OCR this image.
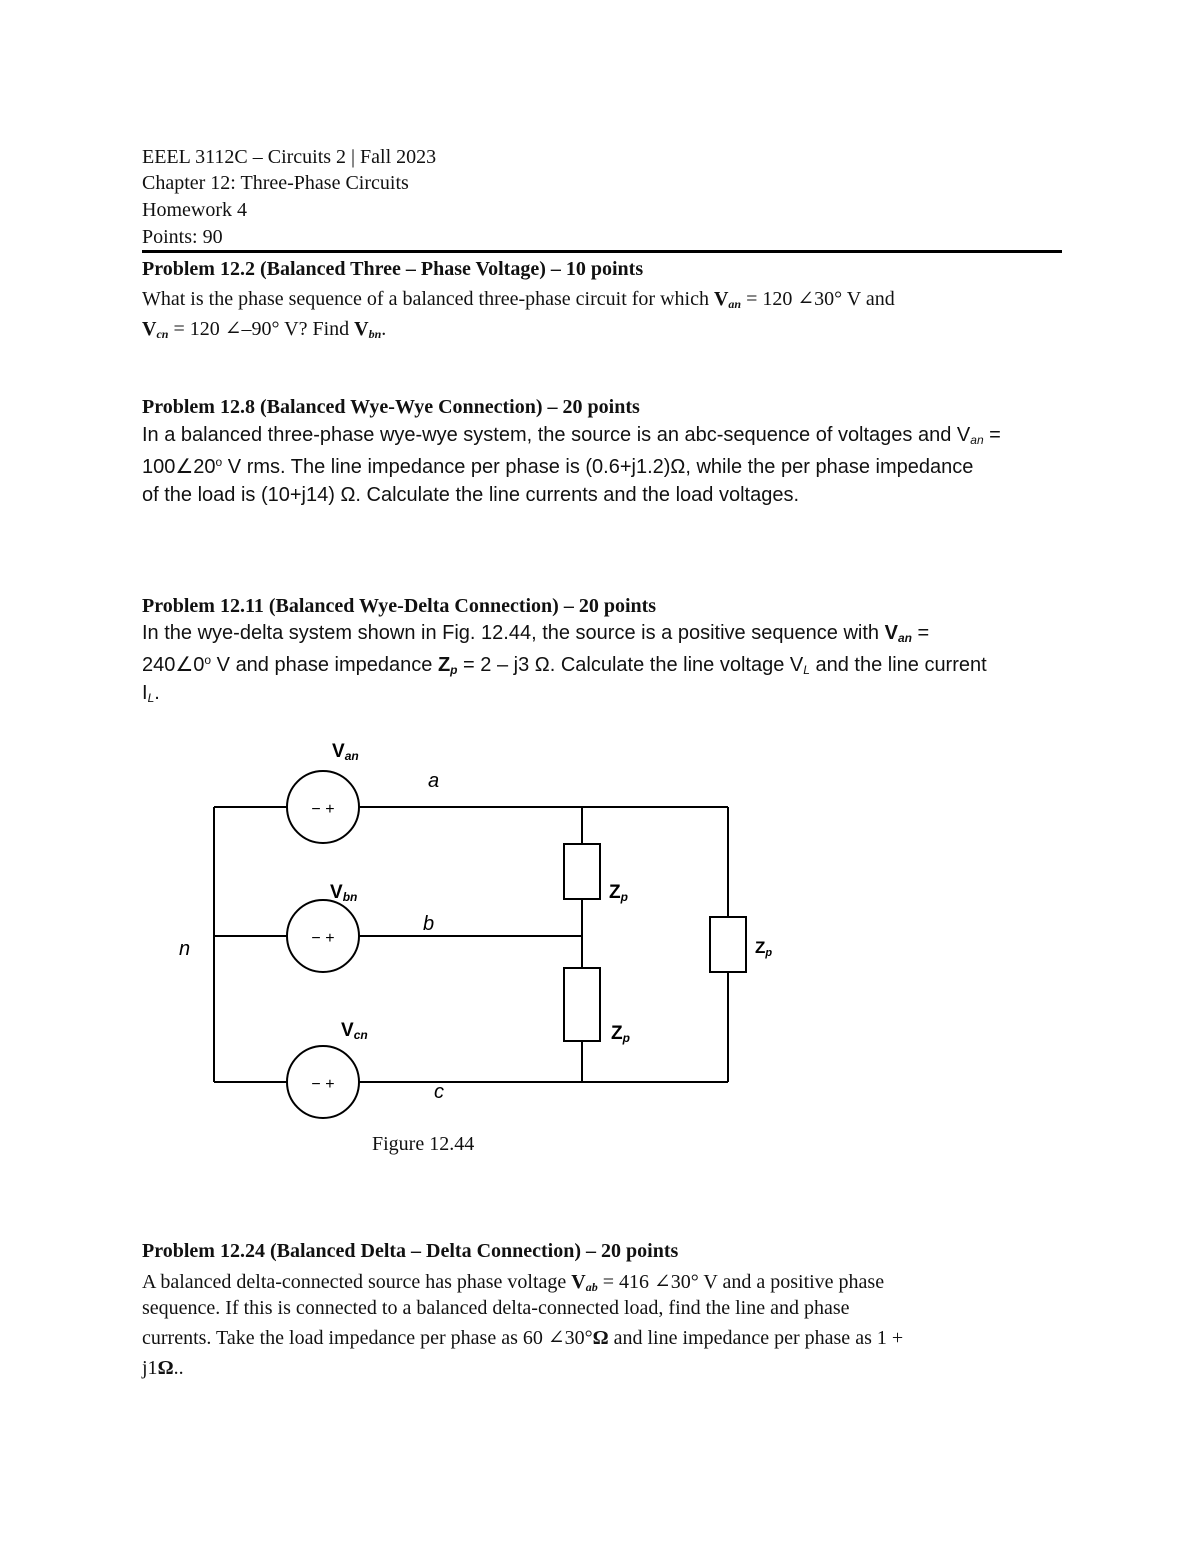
EEEL 3112C – Circuits 2 | Fall 2023
Chapter 12: Three-Phase Circuits
Homework 4
Points: 90
Problem 12.2 (Balanced Three – Phase Voltage) – 10 points
What is the phase sequence of a balanced three-phase circuit for which $V_{an} = 120$ ∠30° V and
$V_{cn} = 120$ ∠–90° V? Find $V_{bn}$.
Problem 12.8 (Balanced Wye-Wye Connection) – 20 points
In a balanced three-phase wye-wye system, the source is an abc-sequence of voltages and $V_{an}$ =
$100\angle 20^o$ V rms. The line impedance per phase is (0.6+j1.2)Ω, while the per phase impedance
of the load is (10+j14) Ω. Calculate the line currents and the load voltages.
Problem 12.11 (Balanced Wye-Delta Connection) – 20 points
In the wye-delta system shown in Fig. 12.44, the source is a positive sequence with $V_{an}$ =
$240\angle 0^o$ V and phase impedance $Z_p = 2 - j3$ Ω. Calculate the line voltage $V_L$ and the line current
$I_L$.
− +
− +
− +
Van
Vbn
Vcn
a
b
c
n
Zp
Zp
Zp
Figure 12.44
Problem 12.24 (Balanced Delta – Delta Connection) – 20 points
A balanced delta-connected source has phase voltage $V_{ab} = 416$ ∠30° V and a positive phase
sequence. If this is connected to a balanced delta-connected load, find the line and phase
currents. Take the load impedance per phase as 60 ∠30°Ω and line impedance per phase as 1 +
j1Ω..
